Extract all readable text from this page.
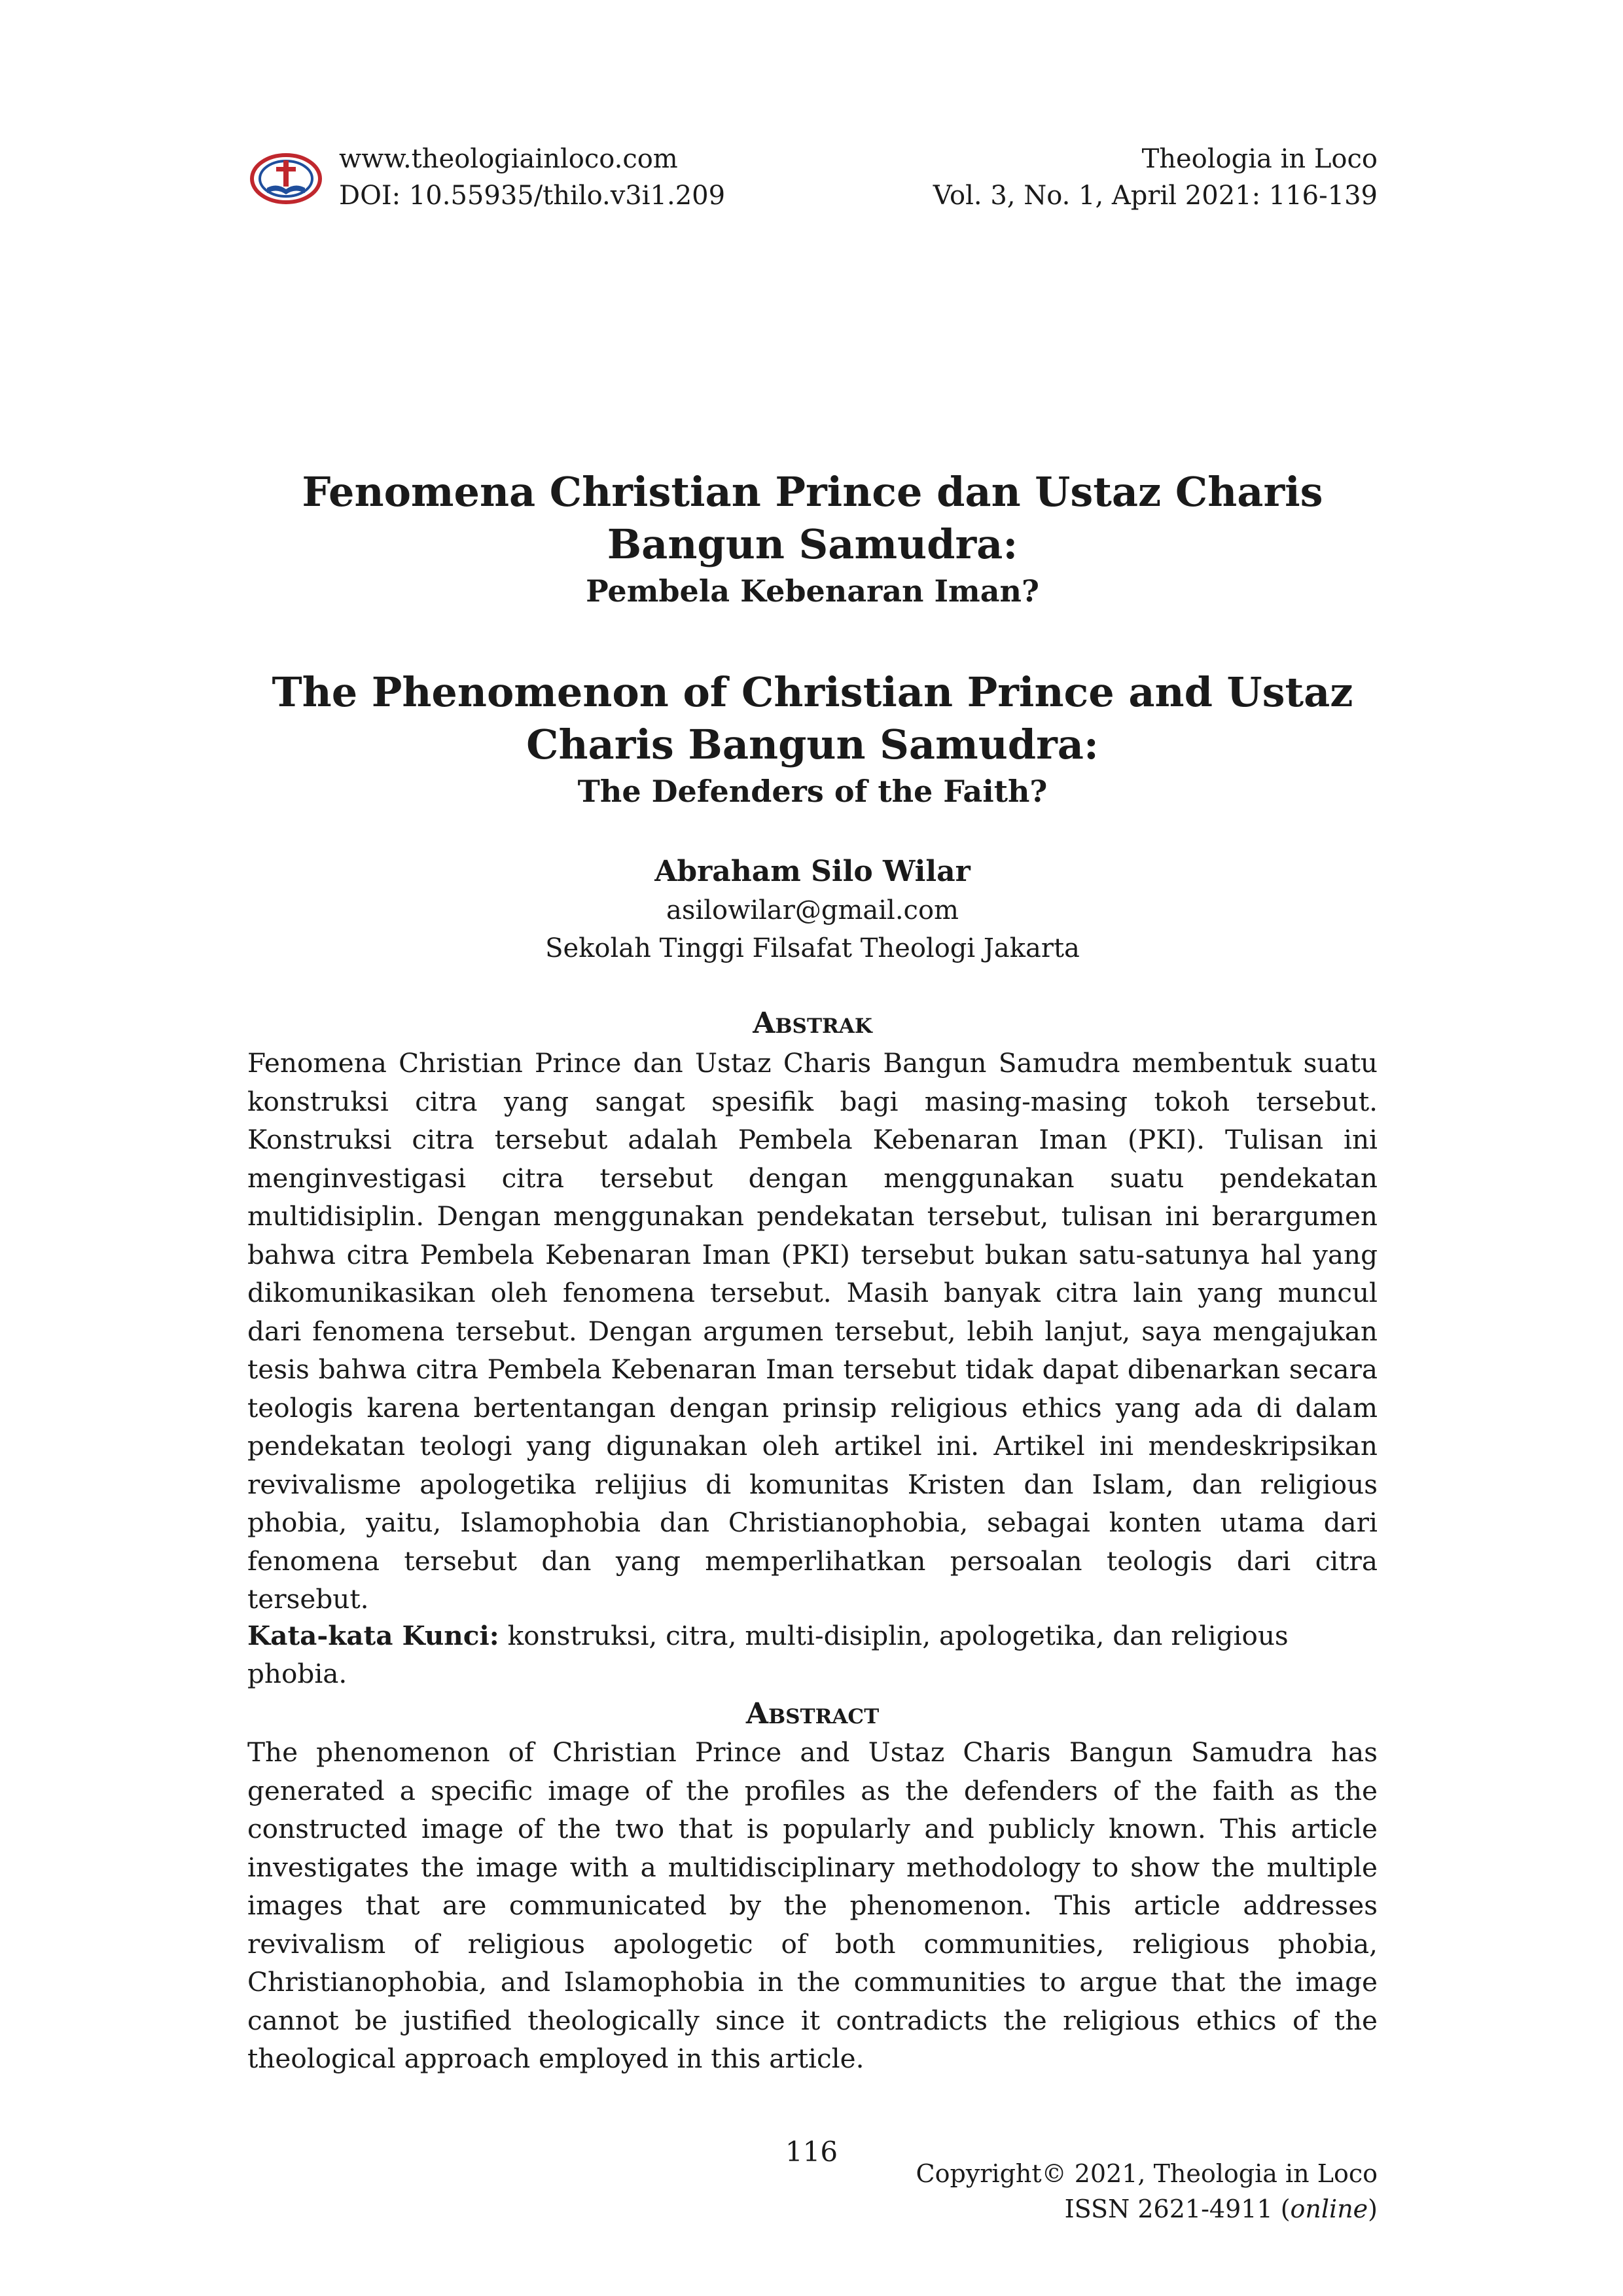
www.theologiainloco.com
DOI: 10.55935/thilo.v3i1.209
Theologia in Loco
Vol. 3, No. 1, April 2021: 116-139
Fenomena Christian Prince dan Ustaz Charis
Bangun Samudra:
Pembela Kebenaran Iman?
The Phenomenon of Christian Prince and Ustaz
Charis Bangun Samudra:
The Defenders of the Faith?
Abraham Silo Wilar
asilowilar@gmail.com
Sekolah Tinggi Filsafat Theologi Jakarta
Abstrak
Fenomena Christian Prince dan Ustaz Charis Bangun Samudra membentuk suatu konstruksi citra yang sangat spesifik bagi masing-masing tokoh tersebut. Konstruksi citra tersebut adalah Pembela Kebenaran Iman (PKI). Tulisan ini menginvestigasi citra tersebut dengan menggunakan suatu pendekatan multidisiplin. Dengan menggunakan pendekatan tersebut, tulisan ini berargumen bahwa citra Pembela Kebenaran Iman (PKI) tersebut bukan satu-satunya hal yang dikomunikasikan oleh fenomena tersebut. Masih banyak citra lain yang muncul dari fenomena tersebut. Dengan argumen tersebut, lebih lanjut, saya mengajukan tesis bahwa citra Pembela Kebenaran Iman tersebut tidak dapat dibenarkan secara teologis karena bertentangan dengan prinsip religious ethics yang ada di dalam pendekatan teologi yang digunakan oleh artikel ini. Artikel ini mendeskripsikan revivalisme apologetika relijius di komunitas Kristen dan Islam, dan religious phobia, yaitu, Islamophobia dan Christianophobia, sebagai konten utama dari fenomena tersebut dan yang memperlihatkan persoalan teologis dari citra tersebut.
Kata-kata Kunci: konstruksi, citra, multi-disiplin, apologetika, dan religious phobia.
Abstract
The phenomenon of Christian Prince and Ustaz Charis Bangun Samudra has generated a specific image of the profiles as the defenders of the faith as the constructed image of the two that is popularly and publicly known. This article investigates the image with a multidisciplinary methodology to show the multiple images that are communicated by the phenomenon. This article addresses revivalism of religious apologetic of both communities, religious phobia, Christianophobia, and Islamophobia in the communities to argue that the image cannot be justified theologically since it contradicts the religious ethics of the theological approach employed in this article.
116
Copyright© 2021, Theologia in Loco
ISSN 2621-4911 (online)
